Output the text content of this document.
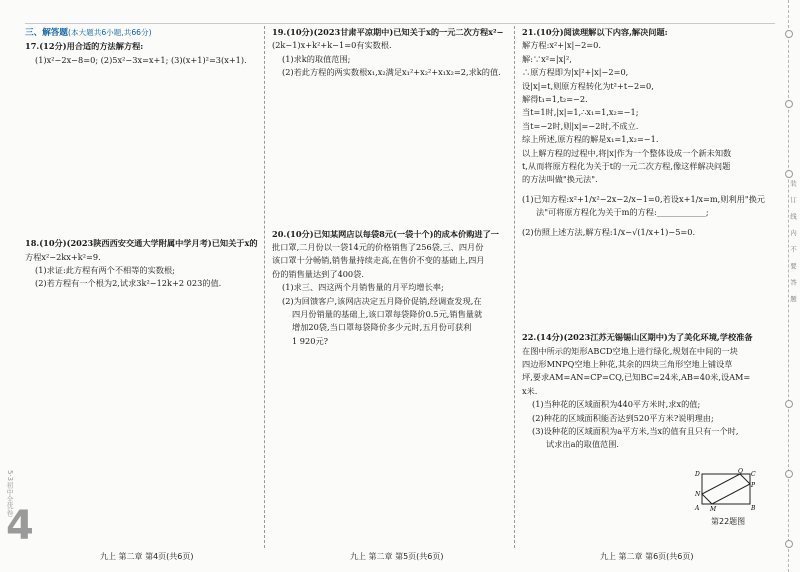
三、解答题(本大题共6小题,共66分)

17.(12分)用合适的方法解方程:

(1)x²−2x−8=0; (2)5x²−3x=x+1; (3)(x+1)²=3(x+1).

18.(10分)(2023陕西西安交通大学附属中学月考)已知关于x的

方程x²−2kx+k²=9.

(1)求证:此方程有两个不相等的实数根;

(2)若方程有一个根为2,试求3k²−12k+2 023的值.

19.(10分)(2023甘肃平凉期中)已知关于x的一元二次方程x²−

(2k−1)x+k²+k−1=0有实数根.

(1)求k的取值范围;

(2)若此方程的两实数根x₁,x₂满足x₁²+x₂²+x₁x₂=2,求k的值.

20.(10分)已知某网店以每袋8元(一袋十个)的成本价购进了一

批口罩,二月份以一袋14元的价格销售了256袋,三、四月份

该口罩十分畅销,销售量持续走高,在售价不变的基础上,四月

份的销售量达到了400袋.

(1)求三、四这两个月销售量的月平均增长率;

(2)为回馈客户,该网店决定五月降价促销,经调查发现,在

四月份销量的基础上,该口罩每袋降价0.5元,销售量就

增加20袋,当口罩每袋降价多少元时,五月份可获利

1 920元?

21.(10分)阅读理解以下内容,解决问题:

解方程:x²+|x|−2=0.

解:∵x²=|x|²,

∴原方程即为|x|²+|x|−2=0,

设|x|=t,则原方程转化为t²+t−2=0,

解得t₁=1,t₂=−2.

当t=1时,|x|=1,∴x₁=1,x₂=−1;

当t=−2时,则|x|=−2时,不成立.

综上所述,原方程的解是x₁=1,x₂=−1.

以上解方程的过程中,将|x|作为一个整体设成一个新未知数

t,从而将原方程化为关于t的一元二次方程,像这样解决问题

的方法叫做"换元法".

(1)已知方程:x²+1/x²−2x−2/x−1=0,若设x+1/x=m,则利用"换元

法"可将原方程化为关于m的方程:____________;

(2)仿照上述方法,解方程:1/x−√(1/x+1)−5=0.

22.(14分)(2023江苏无锡锡山区期中)为了美化环境,学校准备

在图中所示的矩形ABCD空地上进行绿化,规划在中间的一块

四边形MNPQ空地上种花,其余的四块三角形空地上铺设草

坪,要求AM=AN=CP=CQ,已知BC=24米,AB=40米,设AM=

x米.

(1)当种花的区域面积为440平方米时,求x的值;

(2)种花的区域面积能否达到520平方米?说明理由;

(3)设种花的区域面积为a平方米,当x的值有且只有一个时,

试求出a的取值范围.

D	Q C
A M	B
N
P
第22题图
5·3初中全优卷
4
九上 第二章 第4页(共6页)	九上 第二章 第5页(共6页)	九上 第二章 第6页(共6页)
装订线内不要答题
